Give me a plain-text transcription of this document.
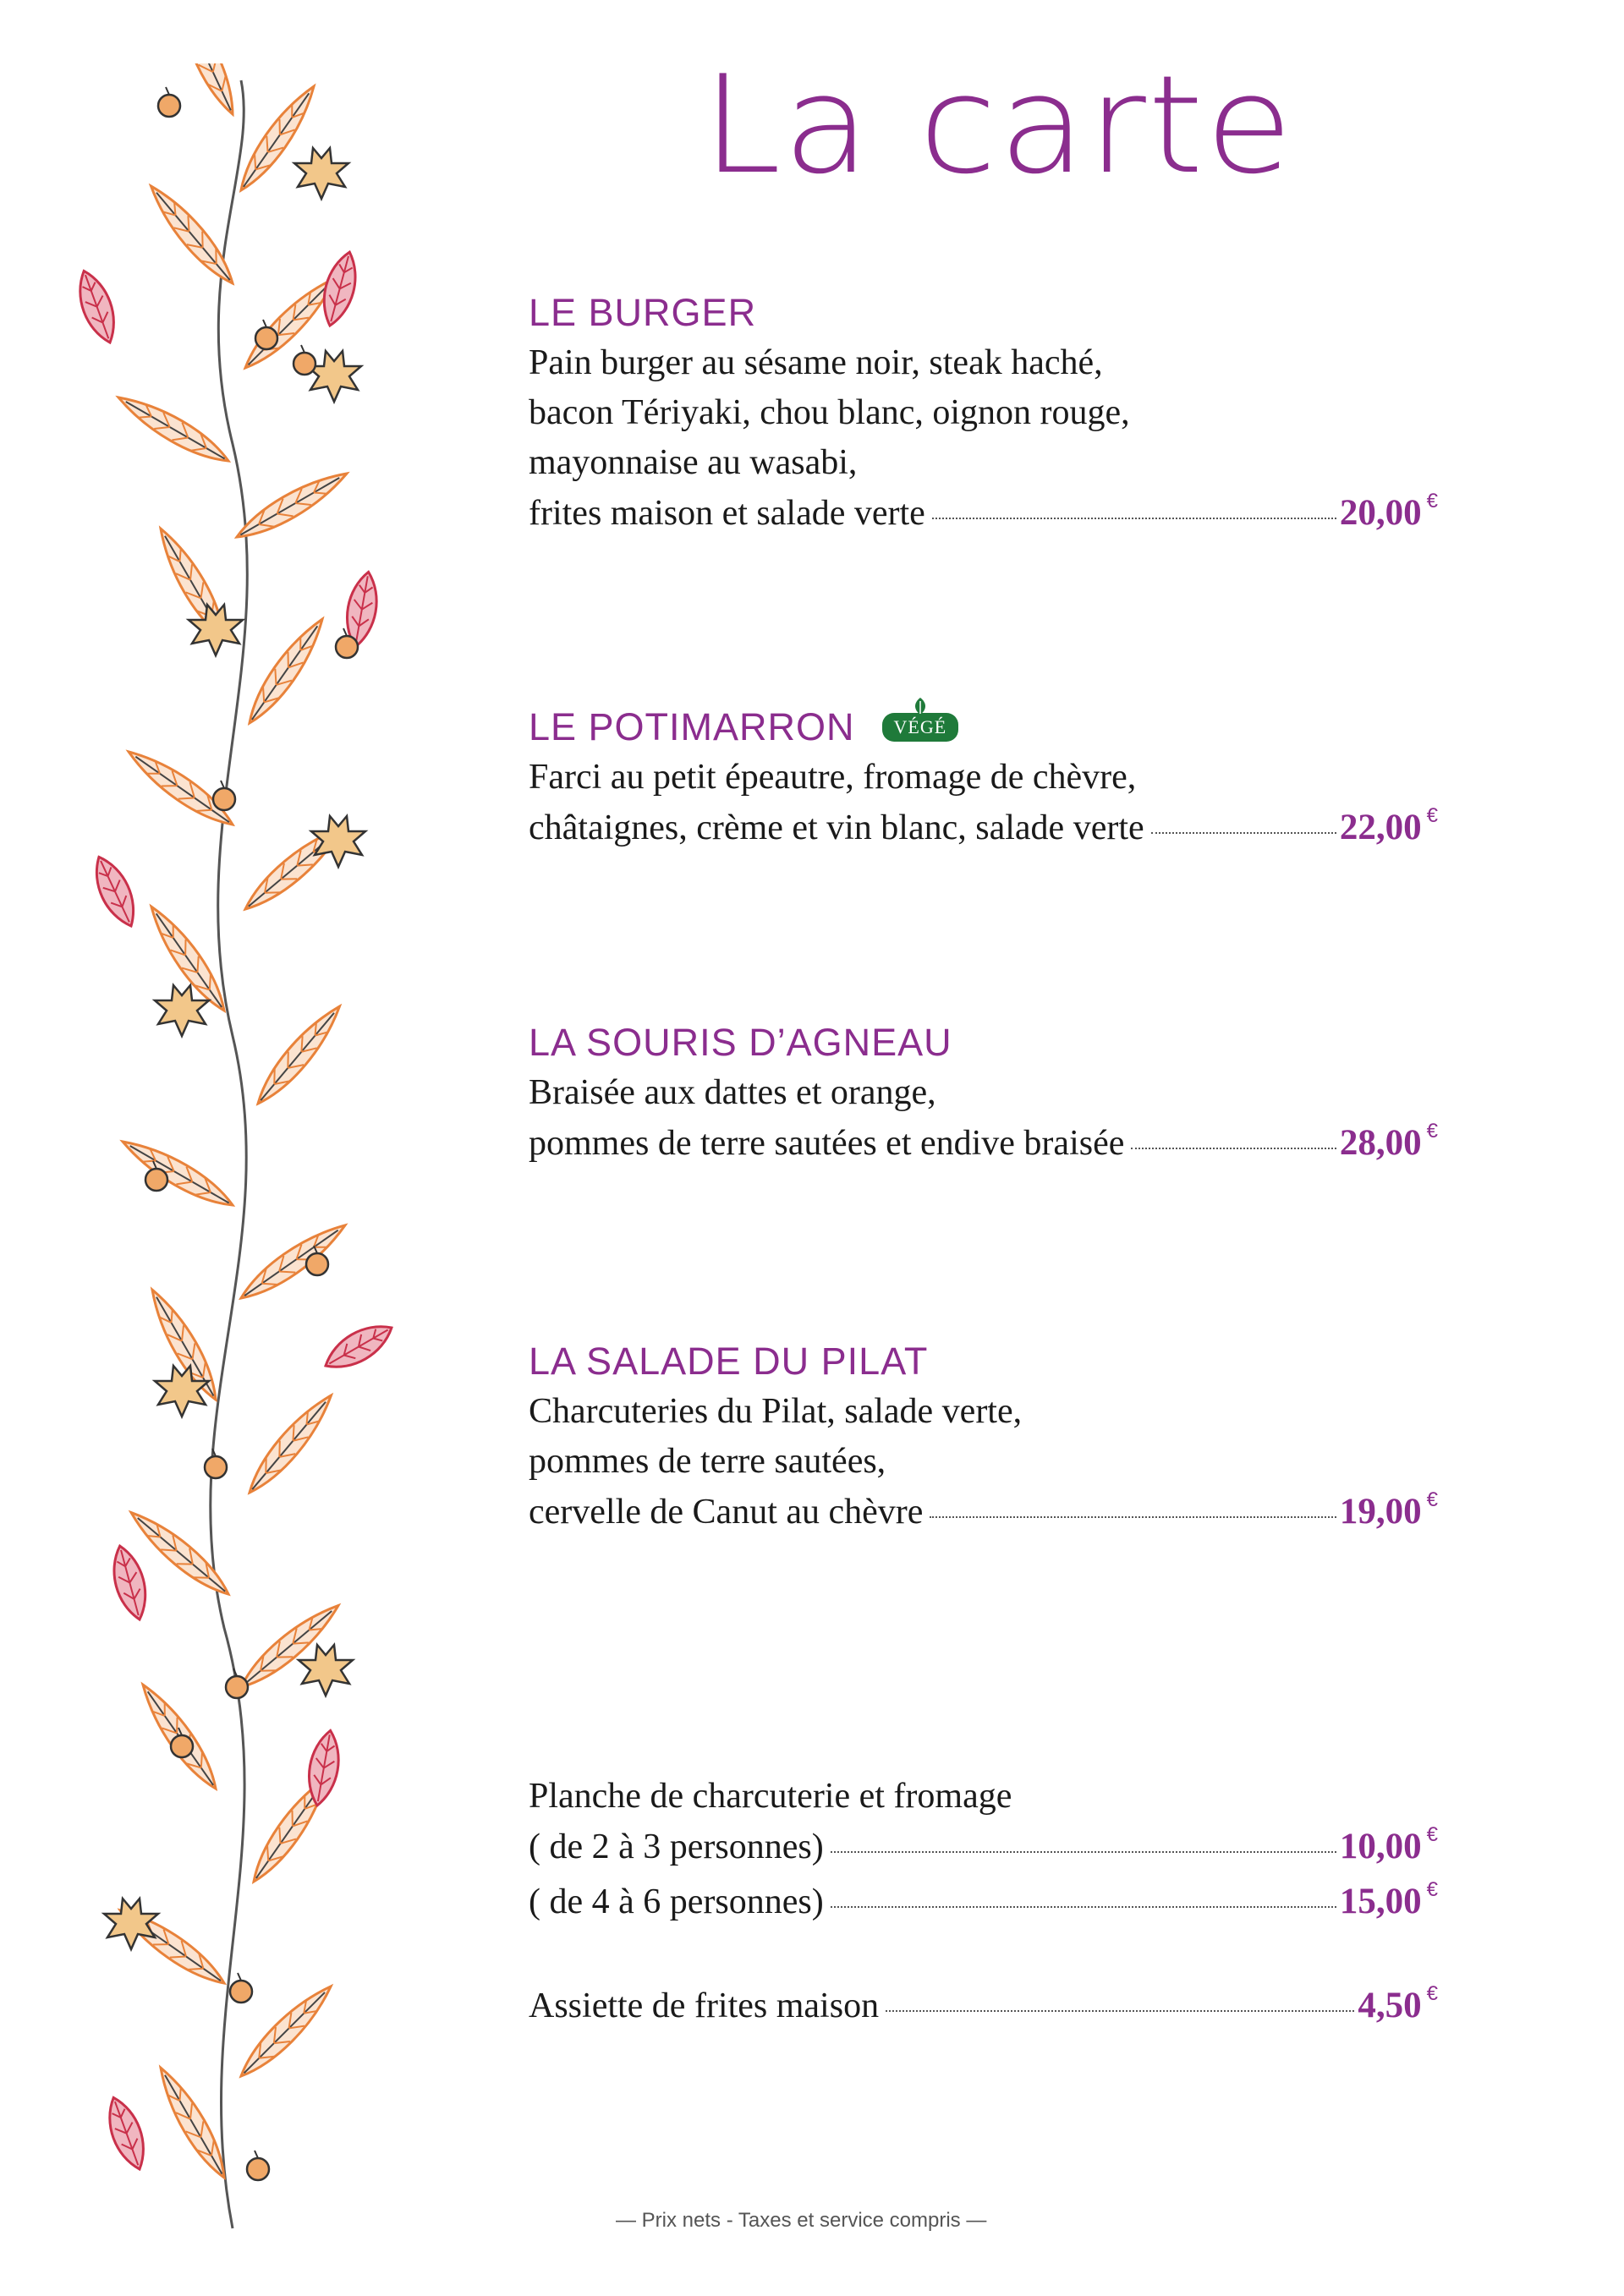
La carte
LE BURGER
Pain burger au sésame noir, steak haché,
bacon Tériyaki, chou blanc, oignon rouge,
mayonnaise au wasabi,
frites maison et salade verte	20,00 €
LE POTIMARRON VÉGÉ
Farci au petit épeautre, fromage de chèvre,
châtaignes, crème et vin blanc, salade verte	22,00 €
LA SOURIS D’AGNEAU
Braisée aux dattes et orange,
pommes de terre sautées et endive braisée	28,00 €
LA SALADE DU PILAT
Charcuteries du Pilat, salade verte,
pommes de terre sautées,
cervelle de Canut au chèvre	19,00 €
Planche de charcuterie et fromage
( de 2 à 3 personnes)	10,00 €
( de 4 à 6 personnes)	15,00 €
Assiette de frites maison	4,50 €
— Prix nets - Taxes et service compris —
